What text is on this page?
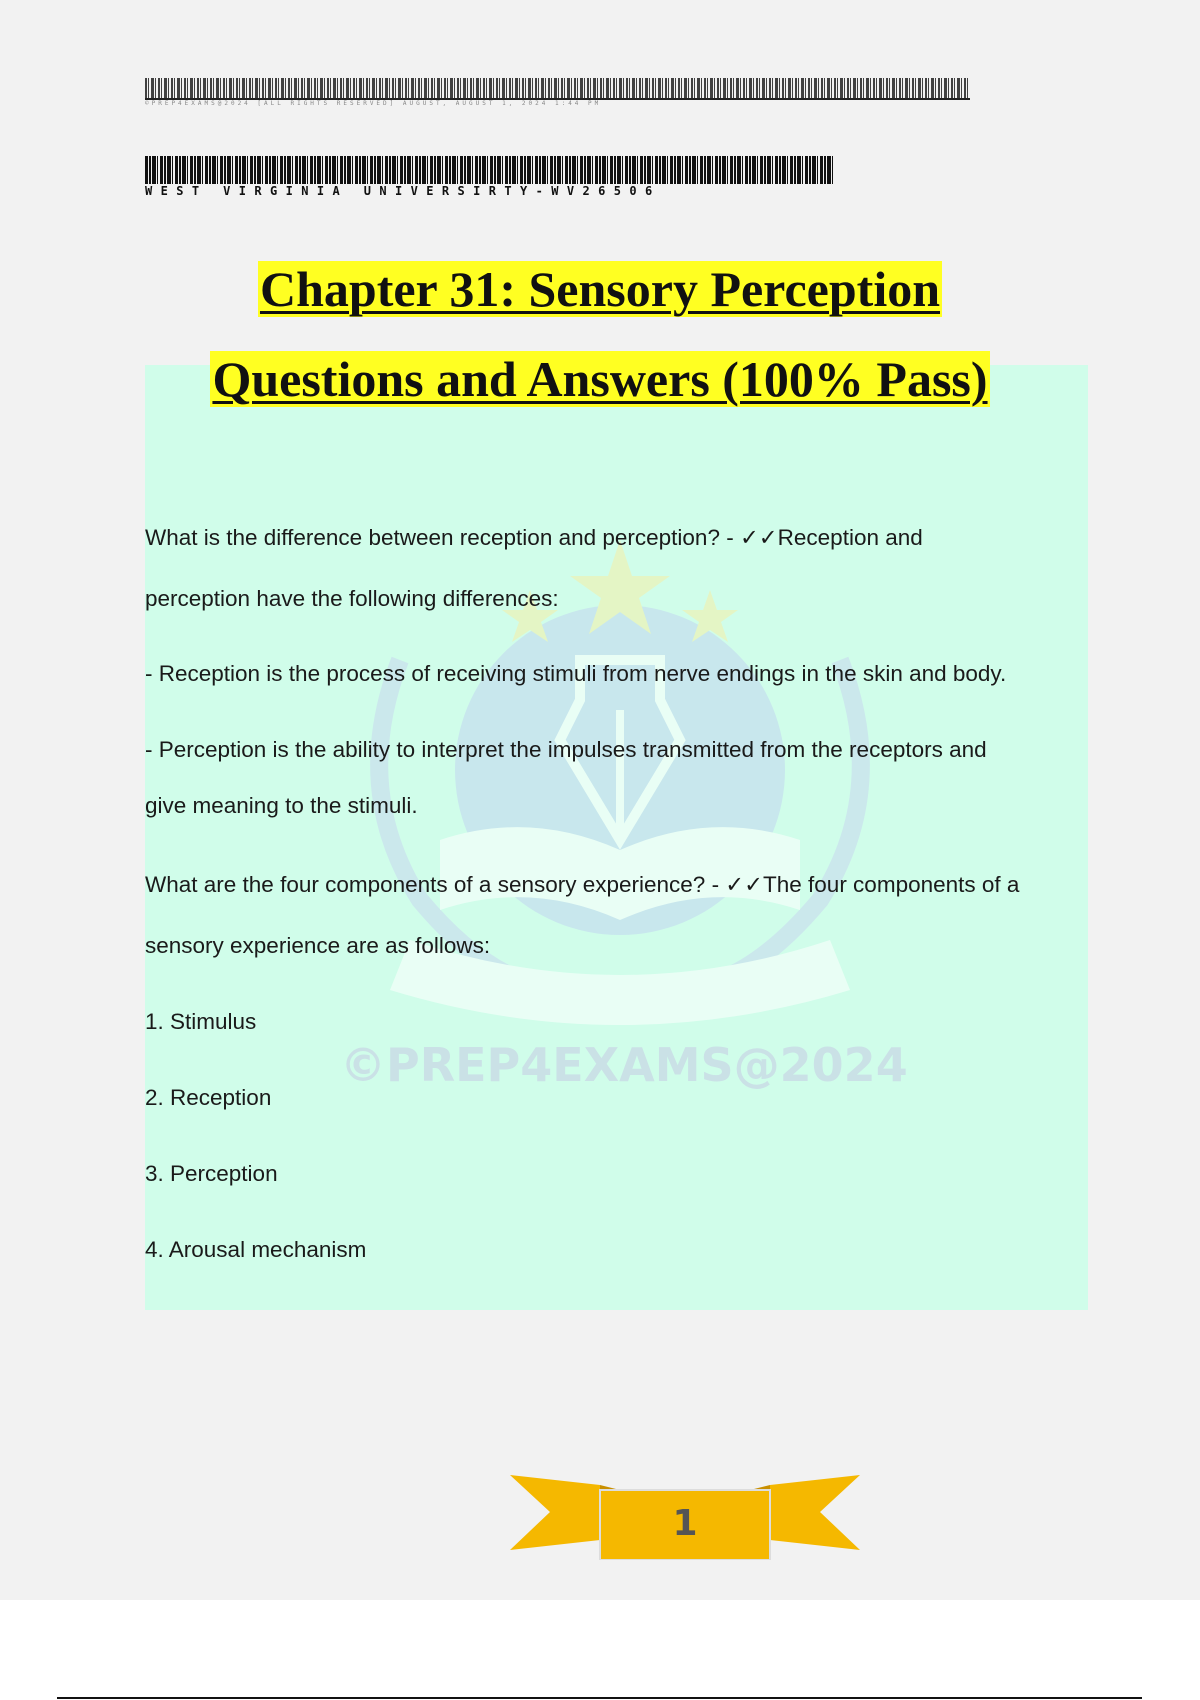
©PREP4EXAMS@2024 [ALL RIGHTS RESERVED] AUGUST, AUGUST 1, 2024 1:44 PM
WEST VIRGINIA UNIVERSIRTY-WV26506
©PREP4EXAMS@2024
Chapter 31: Sensory Perception
Questions and Answers (100% Pass)
What is the difference between reception and perception? - ✓✓Reception and
perception have the following differences:
- Reception is the process of receiving stimuli from nerve endings in the skin and body.
- Perception is the ability to interpret the impulses transmitted from the receptors and
give meaning to the stimuli.
What are the four components of a sensory experience? - ✓✓The four components of a
sensory experience are as follows:
1. Stimulus
2. Reception
3. Perception
4. Arousal mechanism
1
